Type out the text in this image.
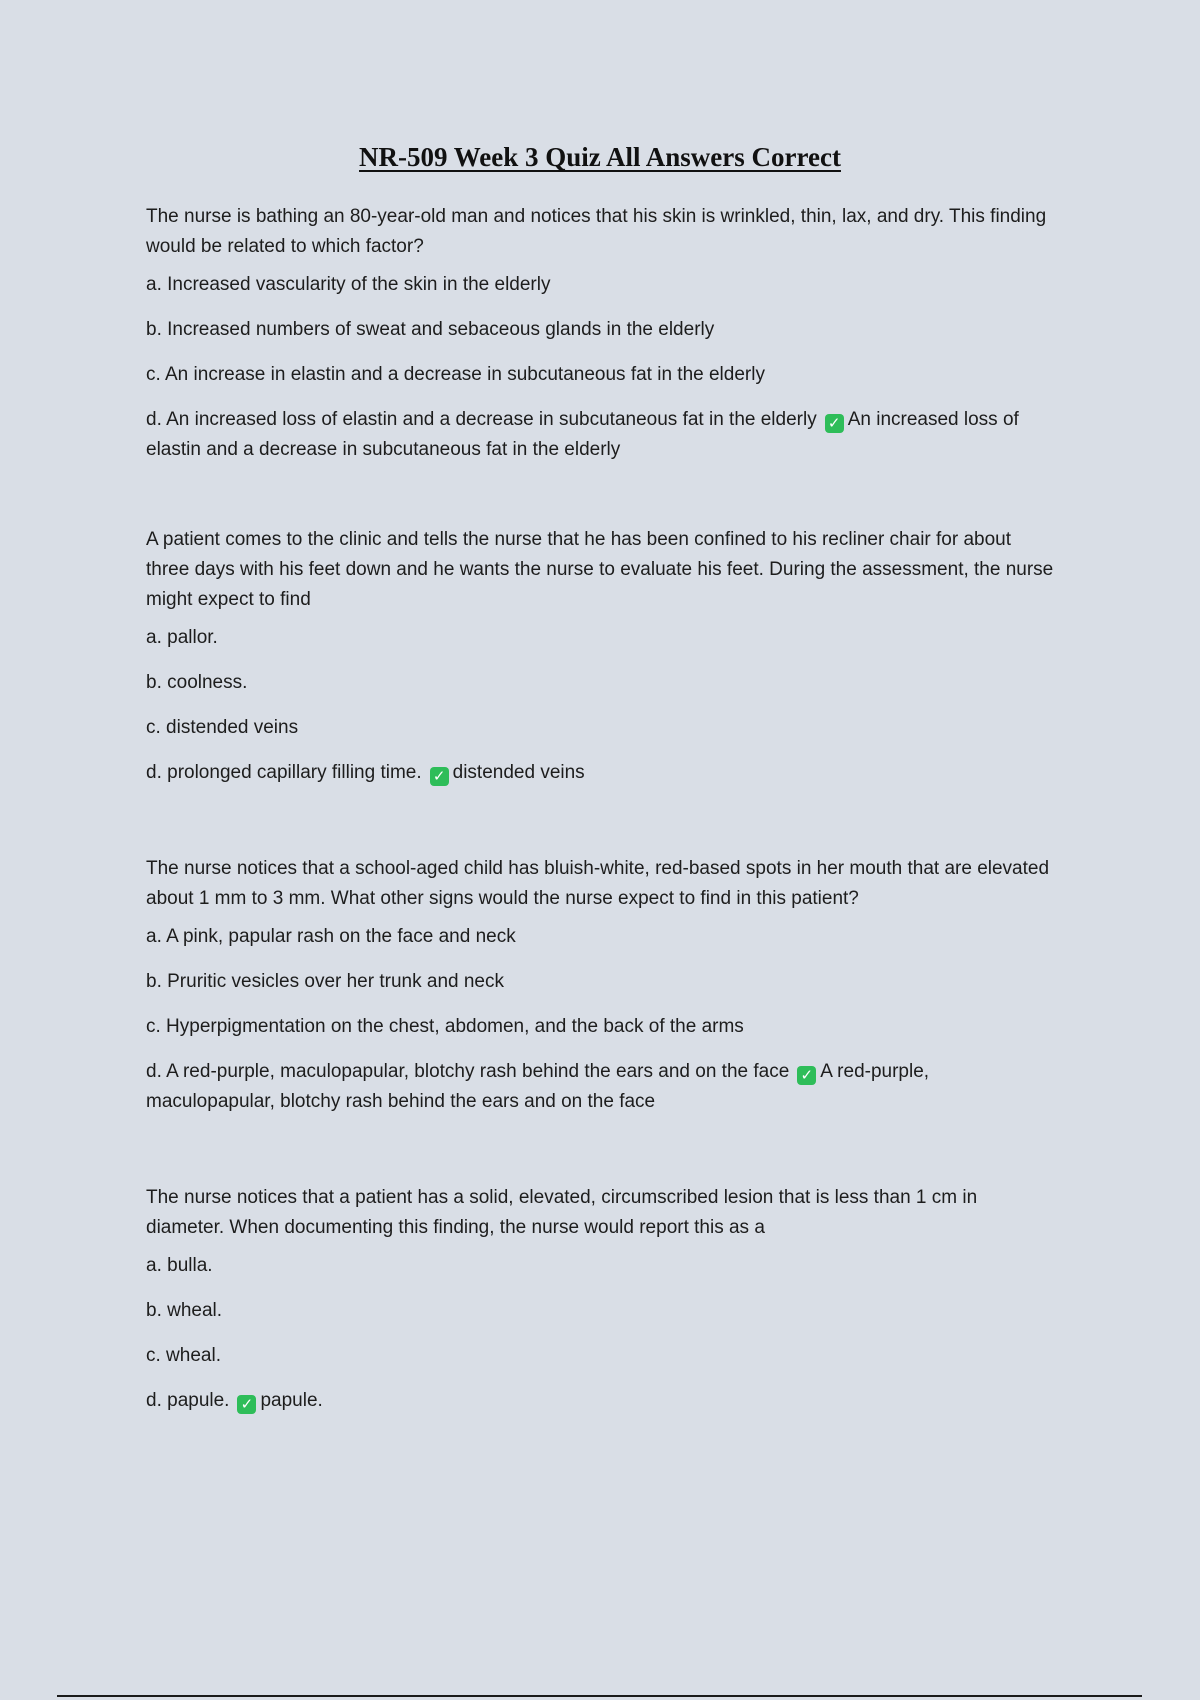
NR-509 Week 3 Quiz All Answers Correct

The nurse is bathing an 80-year-old man and notices that his skin is wrinkled, thin, lax, and dry. This finding would be related to which factor?

a. Increased vascularity of the skin in the elderly
b. Increased numbers of sweat and sebaceous glands in the elderly
c. An increase in elastin and a decrease in subcutaneous fat in the elderly
d. An increased loss of elastin and a decrease in subcutaneous fat in the elderly ✓ An increased loss of elastin and a decrease in subcutaneous fat in the elderly

A patient comes to the clinic and tells the nurse that he has been confined to his recliner chair for about three days with his feet down and he wants the nurse to evaluate his feet. During the assessment, the nurse might expect to find

a. pallor.
b. coolness.
c. distended veins
d. prolonged capillary filling time. ✓ distended veins

The nurse notices that a school-aged child has bluish-white, red-based spots in her mouth that are elevated about 1 mm to 3 mm. What other signs would the nurse expect to find in this patient?

a. A pink, papular rash on the face and neck
b. Pruritic vesicles over her trunk and neck
c. Hyperpigmentation on the chest, abdomen, and the back of the arms
d. A red-purple, maculopapular, blotchy rash behind the ears and on the face ✓ A red-purple, maculopapular, blotchy rash behind the ears and on the face

The nurse notices that a patient has a solid, elevated, circumscribed lesion that is less than 1 cm in diameter. When documenting this finding, the nurse would report this as a

a. bulla.
b. wheal.
c. wheal.
d. papule. ✓ papule.
